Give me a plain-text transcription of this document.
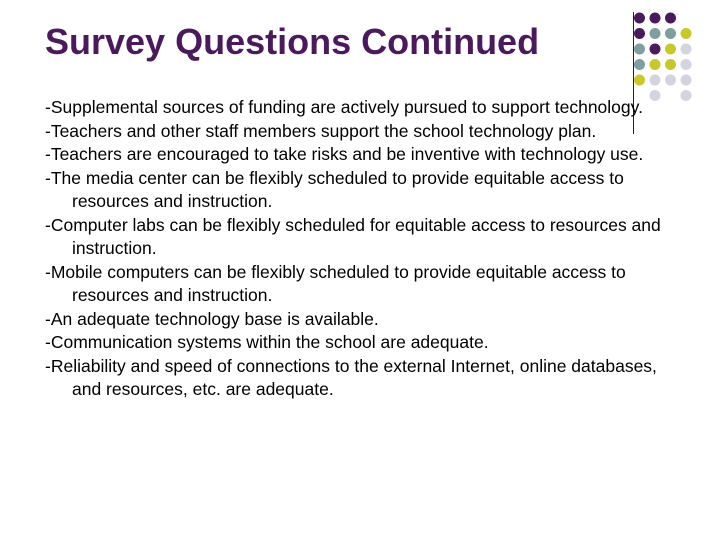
Survey Questions Continued
-Supplemental sources of funding are actively pursued to support technology.
-Teachers and other staff members support the school technology plan.
-Teachers are encouraged to take risks and be inventive with technology use.
-The media center can be flexibly scheduled to provide equitable access to resources and instruction.
-Computer labs can be flexibly scheduled for equitable access to resources and instruction.
-Mobile computers can be flexibly scheduled to provide equitable access to resources and instruction.
-An adequate technology base is available.
-Communication systems within the school are adequate.
-Reliability and speed of connections to the external Internet, online databases, and resources, etc. are adequate.
